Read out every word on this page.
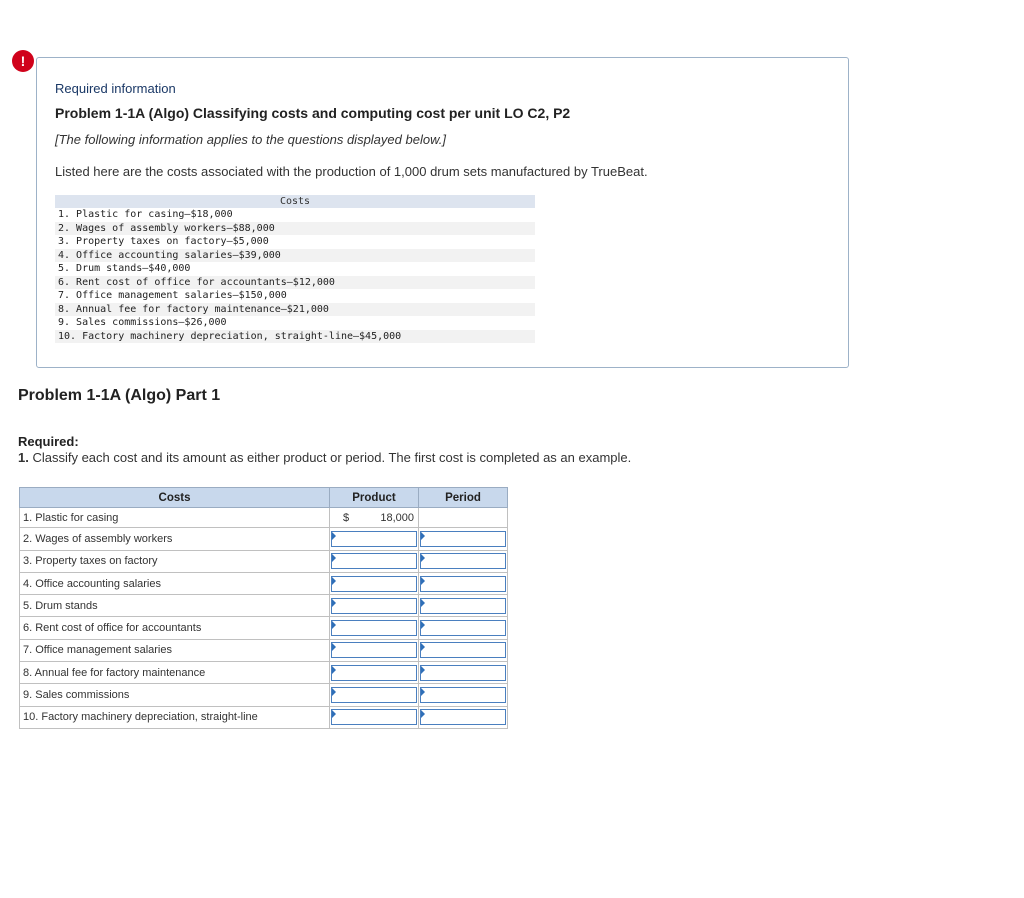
!
Required information
Problem 1-1A (Algo) Classifying costs and computing cost per unit LO C2, P2
[The following information applies to the questions displayed below.]
Listed here are the costs associated with the production of 1,000 drum sets manufactured by TrueBeat.
Costs
1. Plastic for casing—$18,000
2. Wages of assembly workers—$88,000
3. Property taxes on factory—$5,000
4. Office accounting salaries—$39,000
5. Drum stands—$40,000
6. Rent cost of office for accountants—$12,000
7. Office management salaries—$150,000
8. Annual fee for factory maintenance—$21,000
9. Sales commissions—$26,000
10. Factory machinery depreciation, straight-line—$45,000
Problem 1-1A (Algo) Part 1
Required:
1. Classify each cost and its amount as either product or period. The first cost is completed as an example.
Costs	Product	Period
1. Plastic for casing	$ 18,000	

2. Wages of assembly workers	

3. Property taxes on factory	

4. Office accounting salaries	

5. Drum stands	

6. Rent cost of office for accountants	

7. Office management salaries	

8. Annual fee for factory maintenance	

9. Sales commissions	

10. Factory machinery depreciation, straight-line	
